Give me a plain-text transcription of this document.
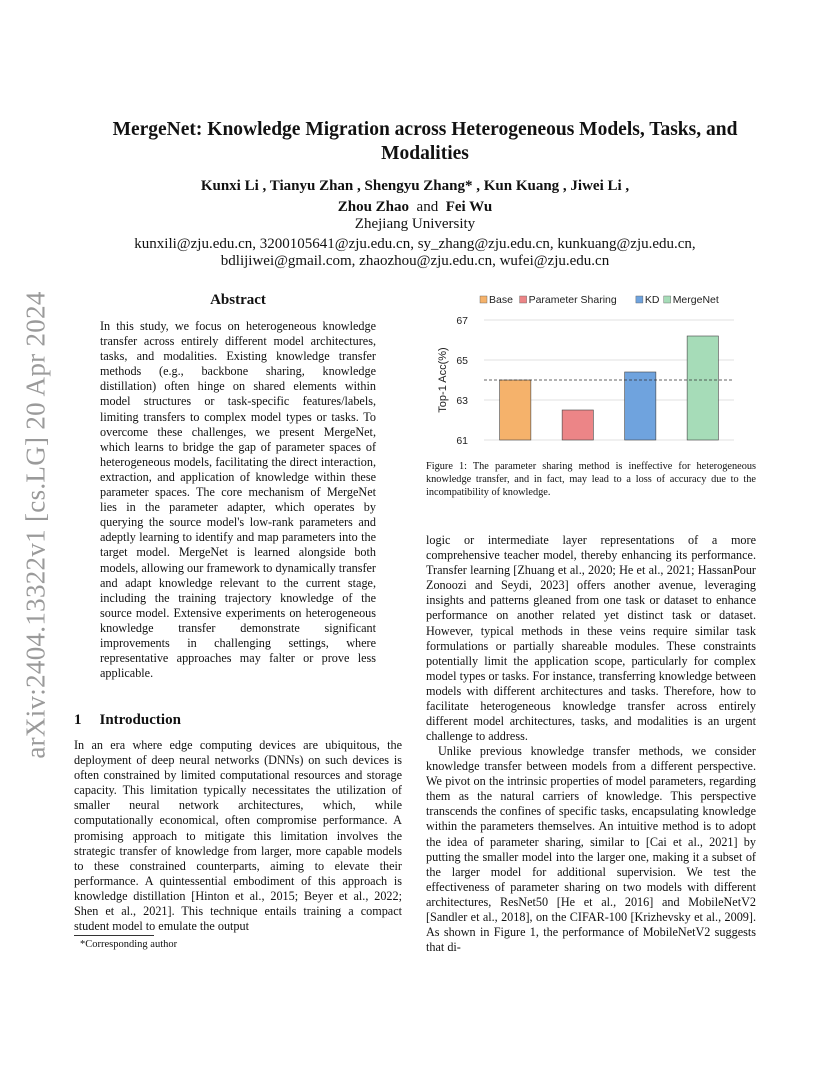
arXiv:2404.13322v1 [cs.LG] 20 Apr 2024
MergeNet: Knowledge Migration across Heterogeneous Models, Tasks, and
Modalities
Kunxi Li , Tianyu Zhan , Shengyu Zhang* , Kun Kuang , Jiwei Li ,
Zhou Zhao and Fei Wu
Zhejiang University
kunxili@zju.edu.cn, 3200105641@zju.edu.cn, sy_zhang@zju.edu.cn, kunkuang@zju.edu.cn,
bdlijiwei@gmail.com, zhaozhou@zju.edu.cn, wufei@zju.edu.cn
Abstract
In this study, we focus on heterogeneous knowledge transfer across entirely different model architectures, tasks, and modalities. Existing knowledge transfer methods (e.g., backbone sharing, knowledge distillation) often hinge on shared elements within model structures or task-specific features/labels, limiting transfers to complex model types or tasks. To overcome these challenges, we present MergeNet, which learns to bridge the gap of parameter spaces of heterogeneous models, facilitating the direct interaction, extraction, and application of knowledge within these parameter spaces. The core mechanism of MergeNet lies in the parameter adapter, which operates by querying the source model's low-rank parameters and adeptly learning to identify and map parameters into the target model. MergeNet is learned alongside both models, allowing our framework to dynamically transfer and adapt knowledge relevant to the current stage, including the training trajectory knowledge of the source model. Extensive experiments on heterogeneous knowledge transfer demonstrate significant improvements in challenging settings, where representative approaches may falter or prove less applicable.
1 Introduction
In an era where edge computing devices are ubiquitous, the deployment of deep neural networks (DNNs) on such devices is often constrained by limited computational resources and storage capacity. This limitation typically necessitates the utilization of smaller neural network architectures, which, while computationally economical, often compromise performance. A promising approach to mitigate this limitation involves the strategic transfer of knowledge from larger, more capable models to these constrained counterparts, aiming to elevate their performance. A quintessential embodiment of this approach is knowledge distillation [Hinton et al., 2015; Beyer et al., 2022; Shen et al., 2021]. This technique entails training a compact student model to emulate the output
*Corresponding author
Base Parameter Sharing	KD MergeNet
61
63
65
67
Top-1 Acc(%)
Figure 1: The parameter sharing method is ineffective for heterogeneous knowledge transfer, and in fact, may lead to a loss of accuracy due to the incompatibility of knowledge.
logic or intermediate layer representations of a more comprehensive teacher model, thereby enhancing its performance. Transfer learning [Zhuang et al., 2020; He et al., 2021; HassanPour Zonoozi and Seydi, 2023] offers another avenue, leveraging insights and patterns gleaned from one task or dataset to enhance performance on another related yet distinct task or dataset. However, typical methods in these veins require similar task formulations or partially shareable modules. These constraints potentially limit the application scope, particularly for complex model types or tasks. For instance, transferring knowledge between models with different architectures and tasks. Therefore, how to facilitate heterogeneous knowledge transfer across entirely different model architectures, tasks, and modalities is an urgent challenge to address.
Unlike previous knowledge transfer methods, we consider knowledge transfer between models from a different perspective. We pivot on the intrinsic properties of model parameters, regarding them as the natural carriers of knowledge. This perspective transcends the confines of specific tasks, encapsulating knowledge within the parameters themselves. An intuitive method is to adopt the idea of parameter sharing, similar to [Cai et al., 2021] by putting the smaller model into the larger one, making it a subset of the larger model for additional supervision. We test the effectiveness of parameter sharing on two models with different architectures, ResNet50 [He et al., 2016] and MobileNetV2 [Sandler et al., 2018], on the CIFAR-100 [Krizhevsky et al., 2009]. As shown in Figure 1, the performance of MobileNetV2 suggests that di-
